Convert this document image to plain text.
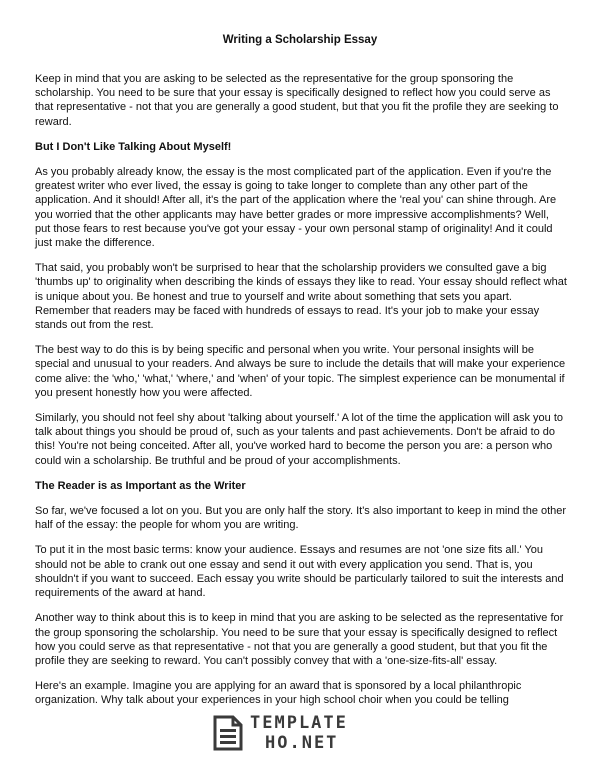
Writing a Scholarship Essay

Keep in mind that you are asking to be selected as the representative for the group sponsoring the scholarship. You need to be sure that your essay is specifically designed to reflect how you could serve as that representative - not that you are generally a good student, but that you fit the profile they are seeking to reward.

But I Don't Like Talking About Myself!

As you probably already know, the essay is the most complicated part of the application. Even if you're the greatest writer who ever lived, the essay is going to take longer to complete than any other part of the application. And it should! After all, it's the part of the application where the 'real you' can shine through. Are you worried that the other applicants may have better grades or more impressive accomplishments? Well, put those fears to rest because you've got your essay - your own personal stamp of originality! And it could just make the difference.

That said, you probably won't be surprised to hear that the scholarship providers we consulted gave a big 'thumbs up' to originality when describing the kinds of essays they like to read. Your essay should reflect what is unique about you. Be honest and true to yourself and write about something that sets you apart. Remember that readers may be faced with hundreds of essays to read. It's your job to make your essay stands out from the rest.

The best way to do this is by being specific and personal when you write. Your personal insights will be special and unusual to your readers. And always be sure to include the details that will make your experience come alive: the 'who,' 'what,' 'where,' and 'when' of your topic. The simplest experience can be monumental if you present honestly how you were affected.

Similarly, you should not feel shy about 'talking about yourself.' A lot of the time the application will ask you to talk about things you should be proud of, such as your talents and past achievements. Don't be afraid to do this! You're not being conceited. After all, you've worked hard to become the person you are: a person who could win a scholarship. Be truthful and be proud of your accomplishments.

The Reader is as Important as the Writer

So far, we've focused a lot on you. But you are only half the story. It's also important to keep in mind the other half of the essay: the people for whom you are writing.

To put it in the most basic terms: know your audience. Essays and resumes are not 'one size fits all.' You should not be able to crank out one essay and send it out with every application you send. That is, you shouldn't if you want to succeed. Each essay you write should be particularly tailored to suit the interests and requirements of the award at hand.

Another way to think about this is to keep in mind that you are asking to be selected as the representative for the group sponsoring the scholarship. You need to be sure that your essay is specifically designed to reflect how you could serve as that representative - not that you are generally a good student, but that you fit the profile they are seeking to reward. You can't possibly convey that with a 'one-size-fits-all' essay.

Here's an example. Imagine you are applying for an award that is sponsored by a local philanthropic organization. Why talk about your experiences in your high school choir when you could be telling

TEMPLATE
HO.NET
